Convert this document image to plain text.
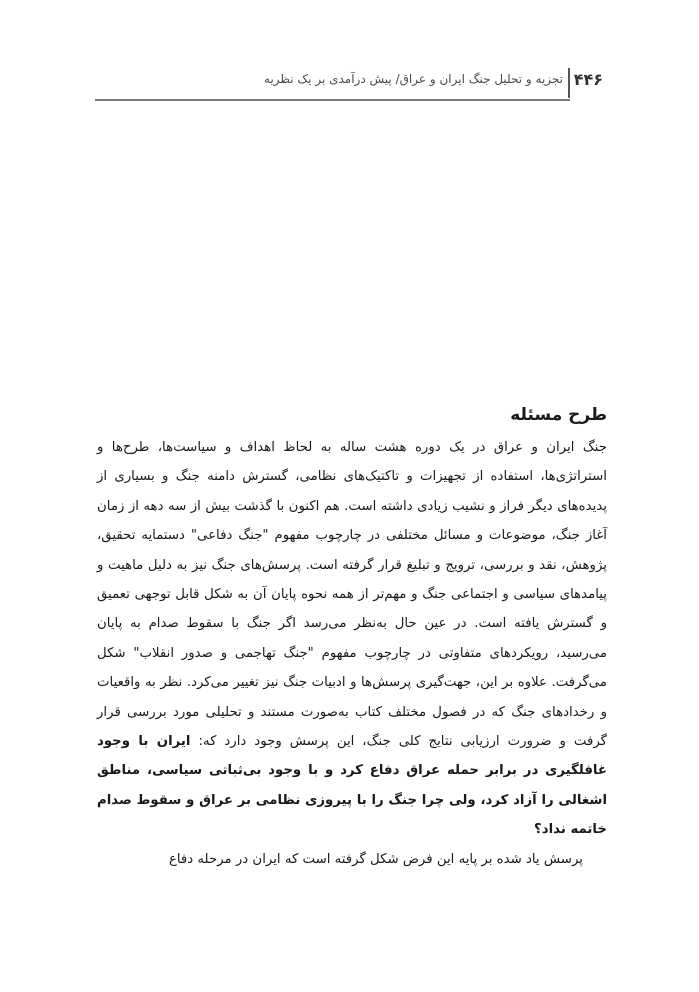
تجزیه و تحلیل جنگ ایران و عراق/ پیش درآمدی بر یک نظریه ۴۴۶
طرح مسئله

جنگ ایران و عراق در یک دوره هشت ساله به لحاظ اهداف و سیاست‌ها، طرح‌ها و استراتژی‌ها، استفاده از تجهیزات و تاکتیک‌های نظامی، گسترش دامنه جنگ و بسیاری از پدیده‌های دیگر فراز و نشیب زیادی داشته است. هم اکنون با گذشت بیش از سه دهه از زمان آغاز جنگ، موضوعات و مسائل مختلفی در چارچوب مفهوم "جنگ دفاعی" دستمایه تحقیق، پژوهش، نقد و بررسی، ترویج و تبلیغ قرار گرفته است. پرسش‌های جنگ نیز به دلیل ماهیت و پیامدهای سیاسی و اجتماعی جنگ و مهم‌تر از همه نحوه پایان آن به شکل قابل توجهی تعمیق و گسترش یافته است. در عین حال به‌نظر می‌رسد اگر جنگ با سقوط صدام به پایان می‌رسید، رویکردهای متفاوتی در چارچوب مفهوم "جنگ تهاجمی و صدور انقلاب" شکل می‌گرفت. علاوه بر این، جهت‌گیری پرسش‌ها و ادبیات جنگ نیز تغییر می‌کرد. نظر به واقعیات و رخدادهای جنگ که در فصول مختلف کتاب به‌صورت مستند و تحلیلی مورد بررسی قرار گرفت و ضرورت ارزیابی نتایج کلی جنگ، این پرسش وجود دارد که: ایران با وجود غافلگیری در برابر حمله عراق دفاع کرد و با وجود بی‌ثباتی سیاسی، مناطق اشغالی را آزاد کرد، ولی چرا جنگ را با پیروزی نظامی بر عراق و سقوط صدام خاتمه نداد؟

پرسش یاد شده بر پایه این فرض شکل گرفته است که ایران در مرحله دفاع
